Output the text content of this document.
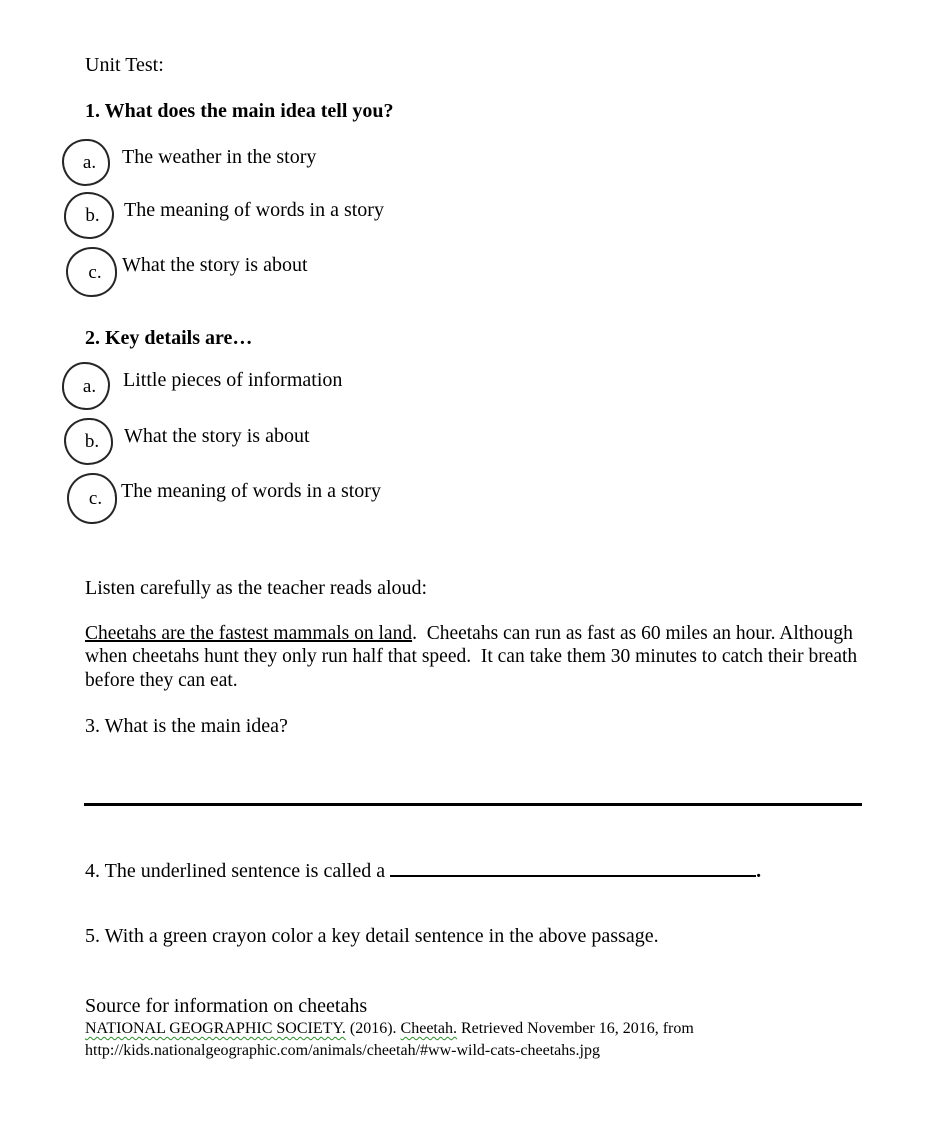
Unit Test:
1. What does the main idea tell you?
a. The weather in the story
b. The meaning of words in a story
c. What the story is about
2. Key details are…
a. Little pieces of information
b. What the story is about
c. The meaning of words in a story
Listen carefully as the teacher reads aloud:
Cheetahs are the fastest mammals on land.  Cheetahs can run as fast as 60 miles an hour. Although when cheetahs hunt they only run half that speed.  It can take them 30 minutes to catch their breath before they can eat.
3. What is the main idea?
4. The underlined sentence is called a	.
5. With a green crayon color a key detail sentence in the above passage.
Source for information on cheetahs
NATIONAL GEOGRAPHIC SOCIETY. (2016). Cheetah. Retrieved November 16, 2016, from
http://kids.nationalgeographic.com/animals/cheetah/#ww-wild-cats-cheetahs.jpg
